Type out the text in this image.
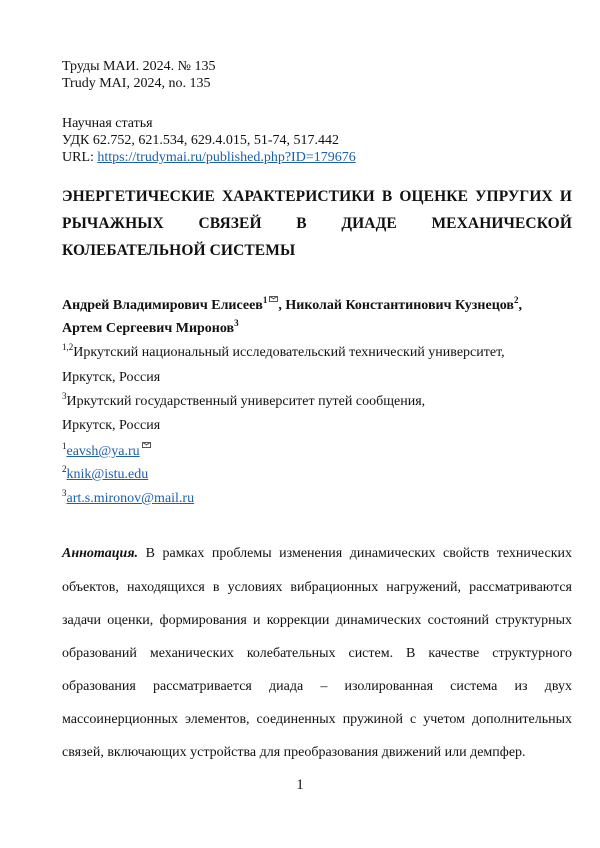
Труды МАИ. 2024. № 135
Trudy MAI, 2024, no. 135
Научная статья
УДК 62.752, 621.534, 629.4.015, 51-74, 517.442
URL: https://trudymai.ru/published.php?ID=179676
ЭНЕРГЕТИЧЕСКИЕ ХАРАКТЕРИСТИКИ В ОЦЕНКЕ УПРУГИХ И
РЫЧАЖНЫХ СВЯЗЕЙ В ДИАДЕ МЕХАНИЧЕСКОЙ
КОЛЕБАТЕЛЬНОЙ СИСТЕМЫ
Андрей Владимирович Елисеев$^1$ , Николай Константинович Кузнецов$^2$,
Артем Сергеевич Миронов$^3$
$^{1,2}$Иркутский национальный исследовательский технический университет,
Иркутск, Россия
$^3$Иркутский государственный университет путей сообщения,
Иркутск, Россия
$^1$eavsh@ya.ru
$^2$knik@istu.edu
$^3$art.s.mironov@mail.ru
Аннотация. В рамках проблемы изменения динамических свойств технических
объектов, находящихся в условиях вибрационных нагружений, рассматриваются
задачи оценки, формирования и коррекции динамических состояний структурных
образований механических колебательных систем. В качестве структурного
образования рассматривается диада – изолированная система из двух
массоинерционных элементов, соединенных пружиной с учетом дополнительных
связей, включающих устройства для преобразования движений или демпфер.
1
